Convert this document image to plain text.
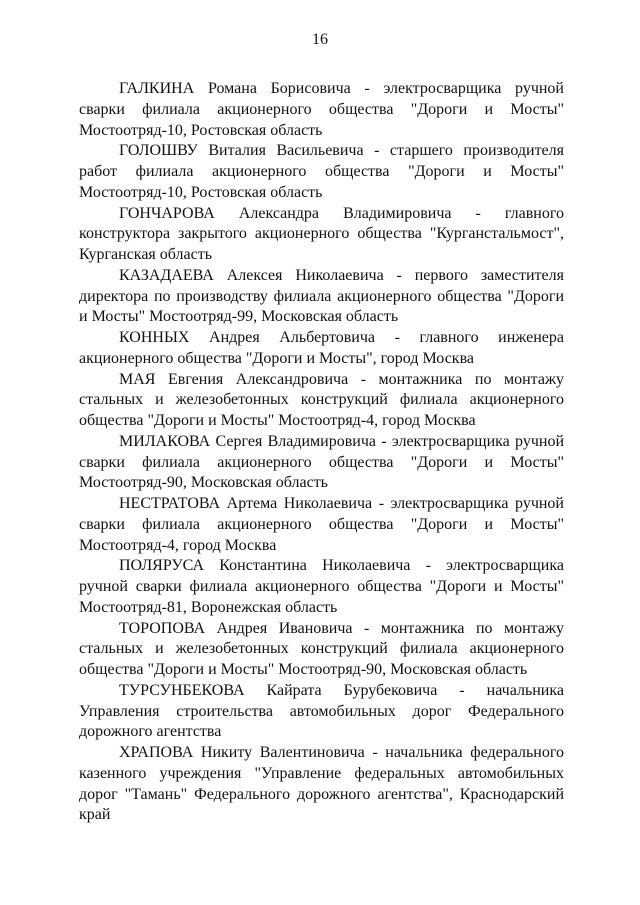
16
ГАЛКИНА Романа Борисовича - электросварщика ручной
сварки филиала акционерного общества "Дороги и Мосты"
Мостоотряд-10, Ростовская область
ГОЛОШВУ Виталия Васильевича - старшего производителя
работ филиала акционерного общества "Дороги и Мосты"
Мостоотряд-10, Ростовская область
ГОНЧАРОВА Александра Владимировича - главного
конструктора закрытого акционерного общества "Курганстальмост",
Курганская область
КАЗАДАЕВА Алексея Николаевича - первого заместителя
директора по производству филиала акционерного общества "Дороги
и Мосты" Мостоотряд-99, Московская область
КОННЫХ Андрея Альбертовича - главного инженера
акционерного общества "Дороги и Мосты", город Москва
МАЯ Евгения Александровича - монтажника по монтажу
стальных и железобетонных конструкций филиала акционерного
общества "Дороги и Мосты" Мостоотряд-4, город Москва
МИЛАКОВА Сергея Владимировича - электросварщика ручной
сварки филиала акционерного общества "Дороги и Мосты"
Мостоотряд-90, Московская область
НЕСТРАТОВА Артема Николаевича - электросварщика ручной
сварки филиала акционерного общества "Дороги и Мосты"
Мостоотряд-4, город Москва
ПОЛЯРУСА Константина Николаевича - электросварщика
ручной сварки филиала акционерного общества "Дороги и Мосты"
Мостоотряд-81, Воронежская область
ТОРОПОВА Андрея Ивановича - монтажника по монтажу
стальных и железобетонных конструкций филиала акционерного
общества "Дороги и Мосты" Мостоотряд-90, Московская область
ТУРСУНБЕКОВА Кайрата Бурубековича - начальника
Управления строительства автомобильных дорог Федерального
дорожного агентства
ХРАПОВА Никиту Валентиновича - начальника федерального
казенного учреждения "Управление федеральных автомобильных
дорог "Тамань" Федерального дорожного агентства", Краснодарский
край
